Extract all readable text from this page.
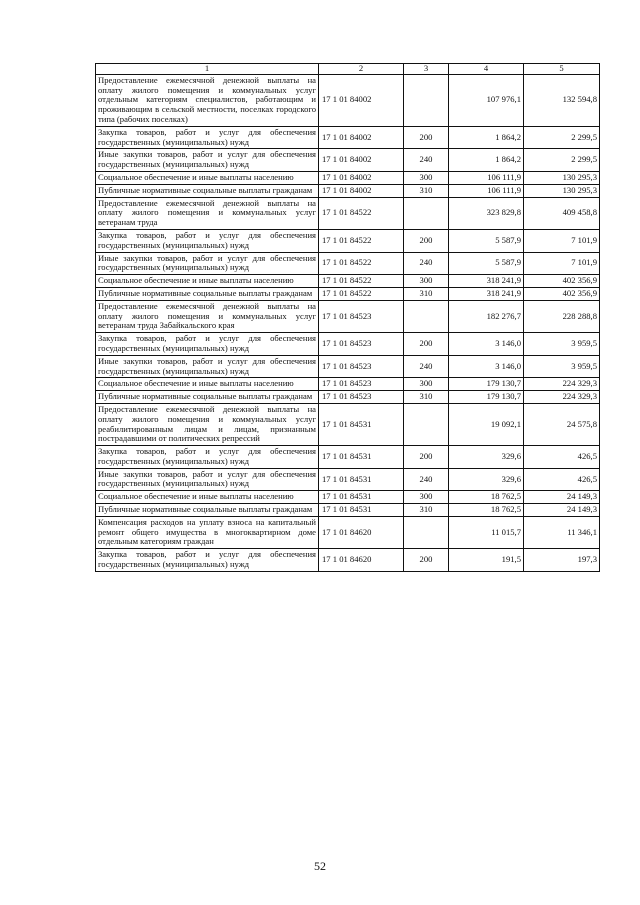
1	2	3	4	5
Предоставление ежемесячной денежной выплаты на оплату жилого помещения и коммунальных услуг отдельным категориям специалистов, работающим и проживающим в сельской местности, поселках городского типа (рабочих поселках)	17 1 01 84002		107 976,1	132 594,8
Закупка товаров, работ и услуг для обеспечения государственных (муниципальных) нужд	17 1 01 84002	200	1 864,2	2 299,5
Иные закупки товаров, работ и услуг для обеспечения государственных (муниципальных) нужд	17 1 01 84002	240	1 864,2	2 299,5
Социальное обеспечение и иные выплаты населению	17 1 01 84002	300	106 111,9	130 295,3
Публичные нормативные социальные выплаты гражданам	17 1 01 84002	310	106 111,9	130 295,3
Предоставление ежемесячной денежной выплаты на оплату жилого помещения и коммунальных услуг ветеранам труда	17 1 01 84522		323 829,8	409 458,8
Закупка товаров, работ и услуг для обеспечения государственных (муниципальных) нужд	17 1 01 84522	200	5 587,9	7 101,9
Иные закупки товаров, работ и услуг для обеспечения государственных (муниципальных) нужд	17 1 01 84522	240	5 587,9	7 101,9
Социальное обеспечение и иные выплаты населению	17 1 01 84522	300	318 241,9	402 356,9
Публичные нормативные социальные выплаты гражданам	17 1 01 84522	310	318 241,9	402 356,9
Предоставление ежемесячной денежной выплаты на оплату жилого помещения и коммунальных услуг ветеранам труда Забайкальского края	17 1 01 84523		182 276,7	228 288,8
Закупка товаров, работ и услуг для обеспечения государственных (муниципальных) нужд	17 1 01 84523	200	3 146,0	3 959,5
Иные закупки товаров, работ и услуг для обеспечения государственных (муниципальных) нужд	17 1 01 84523	240	3 146,0	3 959,5
Социальное обеспечение и иные выплаты населению	17 1 01 84523	300	179 130,7	224 329,3
Публичные нормативные социальные выплаты гражданам	17 1 01 84523	310	179 130,7	224 329,3
Предоставление ежемесячной денежной выплаты на оплату жилого помещения и коммунальных услуг реабилитированным лицам и лицам, признанным пострадавшими от политических репрессий	17 1 01 84531		19 092,1	24 575,8
Закупка товаров, работ и услуг для обеспечения государственных (муниципальных) нужд	17 1 01 84531	200	329,6	426,5
Иные закупки товаров, работ и услуг для обеспечения государственных (муниципальных) нужд	17 1 01 84531	240	329,6	426,5
Социальное обеспечение и иные выплаты населению	17 1 01 84531	300	18 762,5	24 149,3
Публичные нормативные социальные выплаты гражданам	17 1 01 84531	310	18 762,5	24 149,3
Компенсация расходов на уплату взноса на капитальный ремонт общего имущества в многоквартирном доме отдельным категориям граждан	17 1 01 84620		11 015,7	11 346,1
Закупка товаров, работ и услуг для обеспечения государственных (муниципальных) нужд	17 1 01 84620	200	191,5	197,3
52
